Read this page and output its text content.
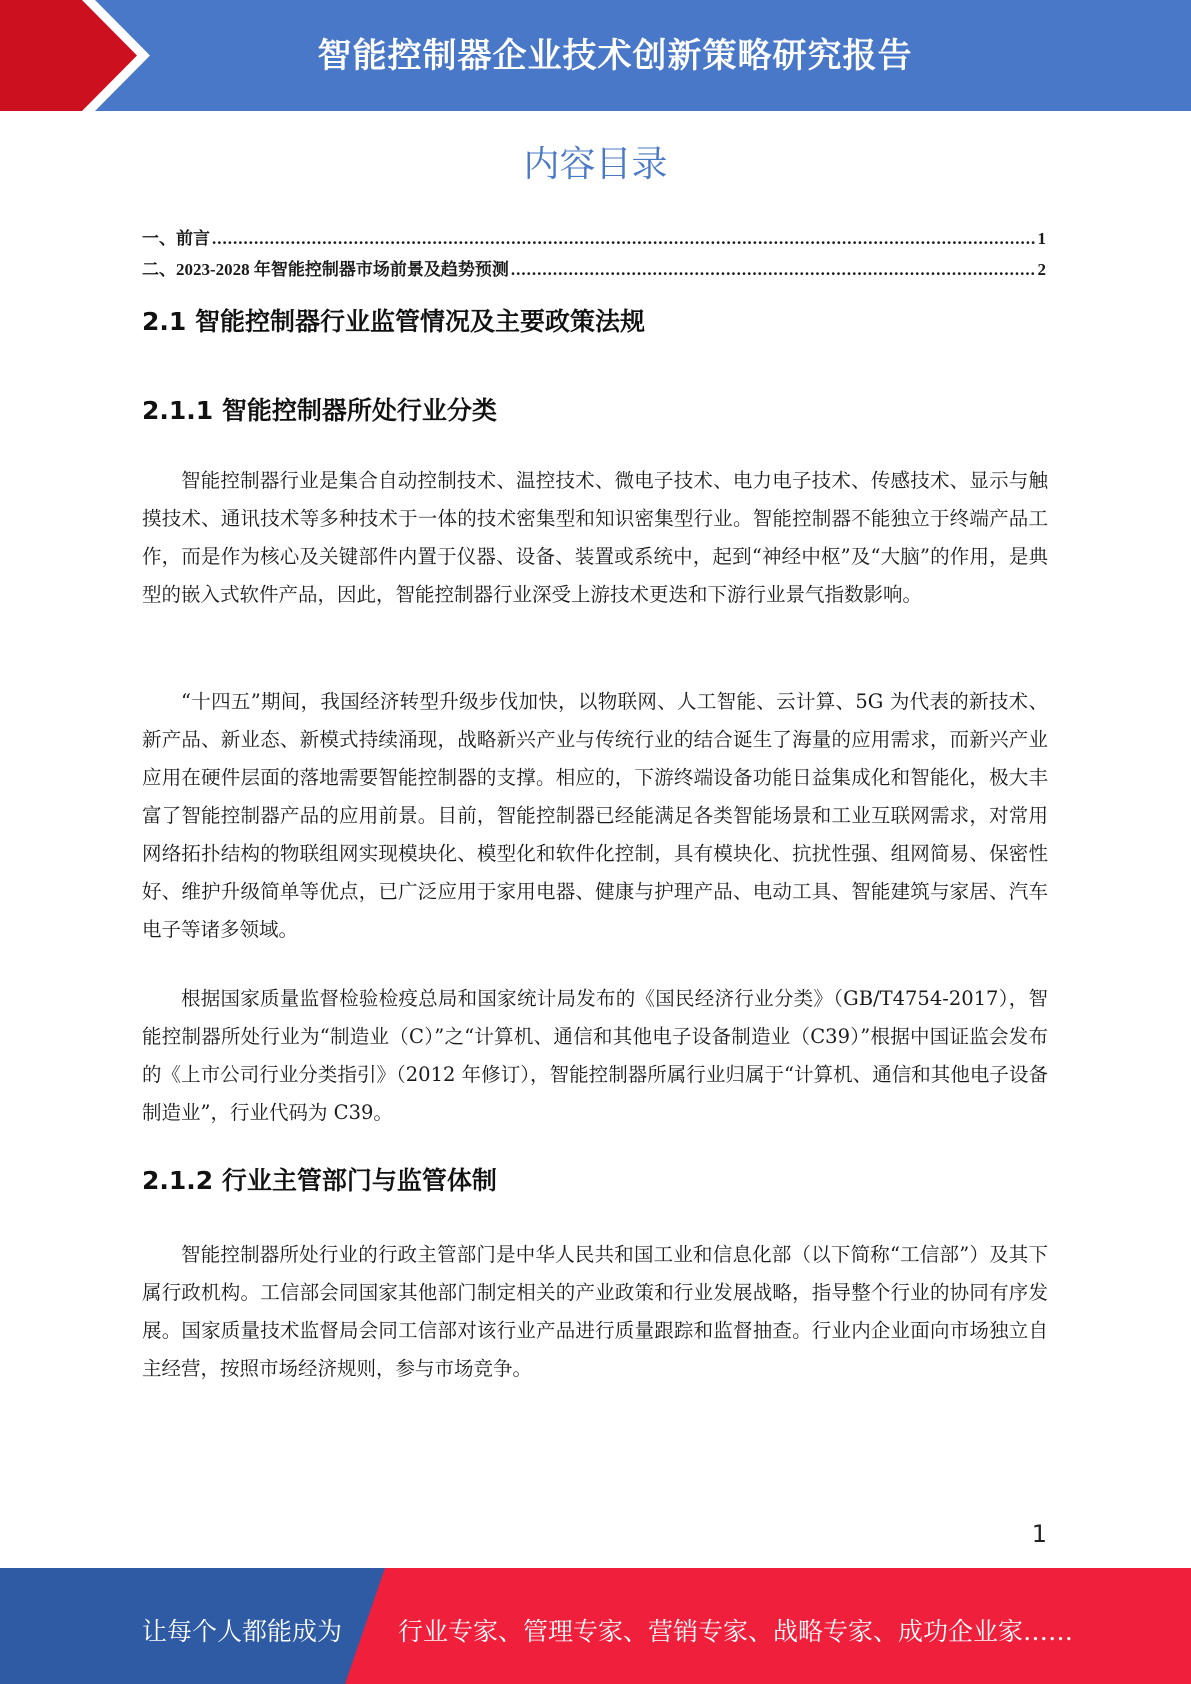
智能控制器企业技术创新策略研究报告
内容目录
一、前言 .....	1
二、2023-2028 年智能控制器市场前景及趋势预测 .....	2
2.1 智能控制器行业监管情况及主要政策法规
2.1.1 智能控制器所处行业分类
智能控制器行业是集合自动控制技术、温控技术、微电子技术、电力电子技术、传感技术、显示与触摸技术、通讯技术等多种技术于一体的技术密集型和知识密集型行业。智能控制器不能独立于终端产品工作，而是作为核心及关键部件内置于仪器、设备、装置或系统中，起到“神经中枢”及“大脑”的作用，是典型的嵌入式软件产品，因此，智能控制器行业深受上游技术更迭和下游行业景气指数影响。
“十四五”期间，我国经济转型升级步伐加快，以物联网、人工智能、云计算、5G 为代表的新技术、新产品、新业态、新模式持续涌现，战略新兴产业与传统行业的结合诞生了海量的应用需求，而新兴产业应用在硬件层面的落地需要智能控制器的支撑。相应的，下游终端设备功能日益集成化和智能化，极大丰富了智能控制器产品的应用前景。目前，智能控制器已经能满足各类智能场景和工业互联网需求，对常用网络拓扑结构的物联组网实现模块化、模型化和软件化控制，具有模块化、抗扰性强、组网简易、保密性好、维护升级简单等优点，已广泛应用于家用电器、健康与护理产品、电动工具、智能建筑与家居、汽车电子等诸多领域。
根据国家质量监督检验检疫总局和国家统计局发布的《国民经济行业分类》（GB/T4754-2017），智能控制器所处行业为“制造业（C）”之“计算机、通信和其他电子设备制造业（C39）”根据中国证监会发布的《上市公司行业分类指引》（2012 年修订），智能控制器所属行业归属于“计算机、通信和其他电子设备制造业”，行业代码为 C39。
2.1.2 行业主管部门与监管体制
智能控制器所处行业的行政主管部门是中华人民共和国工业和信息化部（以下简称“工信部”）及其下属行政机构。工信部会同国家其他部门制定相关的产业政策和行业发展战略，指导整个行业的协同有序发展。国家质量技术监督局会同工信部对该行业产品进行质量跟踪和监督抽查。行业内企业面向市场独立自主经营，按照市场经济规则，参与市场竞争。
1
让每个人都能成为 行业专家、管理专家、营销专家、战略专家、成功企业家……
